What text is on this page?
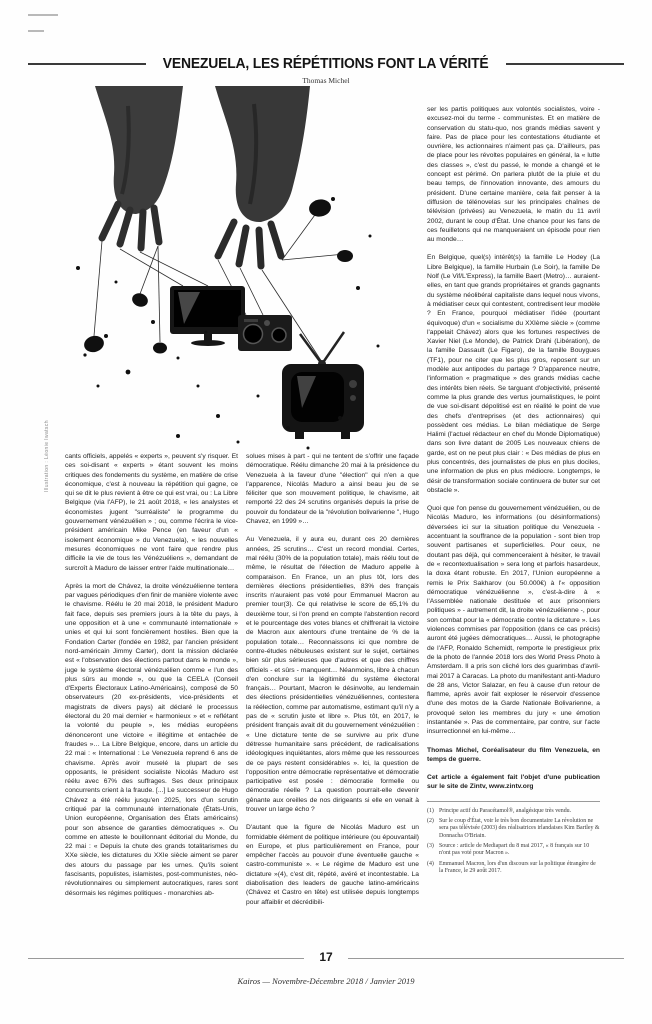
VENEZUELA, LES RÉPÉTITIONS FONT LA VÉRITÉ
Thomas Michel
Illustration : Léonie Iwatsch cants officiels, appelés « experts », peuvent s'y risquer. Et ces soi-disant « experts » étant souvent les moins critiques des fondements du système, en matière de crise économique, c'est à nouveau la répétition qui gagne, ce qui se dit le plus revient à être ce qui est vrai, ou : La Libre Belgique (via l'AFP), le 21 août 2018, « les analystes et économistes jugent "surréaliste" le programme du gouvernement vénézuélien » ; ou, comme l'écrira le vice-président américain Mike Pence (en faveur d'un « isolement économique » du Venezuela), « les nouvelles mesures économiques ne vont faire que rendre plus difficile la vie de tous les Vénézuéliens », demandant de surcroît à Maduro de laisser entrer l'aide multinationale…

Après la mort de Chávez, la droite vénézuélienne tentera par vagues périodiques d'en finir de manière violente avec le chavisme. Réélu le 20 mai 2018, le président Maduro fait face, depuis ses premiers jours à la tête du pays, à une opposition et à une « communauté internationale » unies et qui lui sont foncièrement hostiles. Bien que la Fondation Carter (fondée en 1982, par l'ancien président nord-américain Jimmy Carter), dont la mission déclarée est « l'observation des élections partout dans le monde », juge le système électoral vénézuélien comme « l'un des plus sûrs au monde », ou que la CEELA (Conseil d'Experts Électoraux Latino-Américains), composé de 50 observateurs (20 ex-présidents, vice-présidents et magistrats de divers pays) ait déclaré le processus électoral du 20 mai dernier « harmonieux » et « reflétant la volonté du peuple », les médias européens dénonceront une victoire « illégitime et entachée de fraudes »… La Libre Belgique, encore, dans un article du 22 mai : « International : Le Venezuela reprend 6 ans de chavisme. Après avoir muselé la plupart de ses opposants, le président socialiste Nicolás Maduro est réélu avec 67% des suffrages. Ses deux principaux concurrents crient à la fraude. [...] Le successeur de Hugo Chávez a été réélu jusqu'en 2025, lors d'un scrutin critiqué par la communauté internationale (États-Unis, Union européenne, Organisation des États américains) pour son absence de garanties démocratiques ». Ou comme en atteste le bouillonnant éditorial du Monde, du 22 mai : « Depuis la chute des grands totalitarismes du XXe siècle, les dictatures du XXIe siècle aiment se parer des atours du passage par les urnes. Qu'ils soient fascisants, populistes, islamistes, post-communistes, néo-révolutionnaires ou simplement autocratiques, rares sont désormais les régimes politiques - monarchies ab-

solues mises à part - qui ne tentent de s'offrir une façade démocratique. Réélu dimanche 20 mai à la présidence du Venezuela à la faveur d'une "élection" qui n'en a que l'apparence, Nicolás Maduro a ainsi beau jeu de se féliciter que son mouvement politique, le chavisme, ait remporté 22 des 24 scrutins organisés depuis la prise de pouvoir du fondateur de la "révolution bolivarienne ", Hugo Chavez, en 1999 »…

Au Venezuela, il y aura eu, durant ces 20 dernières années, 25 scrutins… C'est un record mondial. Certes, mal réélu (30% de la population totale), mais réélu tout de même, le résultat de l'élection de Maduro appelle à comparaison. En France, un an plus tôt, lors des dernières élections présidentielles, 83% des français inscrits n'auraient pas voté pour Emmanuel Macron au premier tour(3). Ce qui relativise le score de 65,1% du deuxième tour, si l'on prend en compte l'abstention record et le pourcentage des votes blancs et chiffrerait la victoire de Macron aux alentours d'une trentaine de % de la population totale… Reconnaissons ici que nombre de contre-études nébuleuses existent sur le sujet, certaines bien sûr plus sérieuses que d'autres et que des chiffres officiels - et sûrs - manquent… Néanmoins, libre à chacun d'en conclure sur la légitimité du système électoral français… Pourtant, Macron le désinvolte, au lendemain des élections présidentielles vénézuéliennes, contestera la réélection, comme par automatisme, estimant qu'il n'y a pas de « scrutin juste et libre ». Plus tôt, en 2017, le président français avait dit du gouvernement vénézuélien : « Une dictature tente de se survivre au prix d'une détresse humanitaire sans précédent, de radicalisations idéologiques inquiétantes, alors même que les ressources de ce pays restent considérables ». Ici, la question de l'opposition entre démocratie représentative et démocratie participative est posée : démocratie formelle ou démocratie réelle ? La question pourrait-elle devenir gênante aux oreilles de nos dirigeants si elle en venait à trouver un large écho ?

D'autant que la figure de Nicolás Maduro est un formidable élément de politique intérieure (ou épouvantail) en Europe, et plus particulièrement en France, pour empêcher l'accès au pouvoir d'une éventuelle gauche « castro-communiste ». « Le régime de Maduro est une dictature »(4), c'est dit, répété, avéré et incontestable. La diabolisation des leaders de gauche latino-américains (Chávez et Castro en tête) est utilisée depuis longtemps pour affaiblir et décrédibili-

ser les partis politiques aux volontés socialistes, voire - excusez-moi du terme - communistes. Et en matière de conservation du statu-quo, nos grands médias savent y faire. Pas de place pour les contestations étudiante et ouvrière, les actionnaires n'aiment pas ça. D'ailleurs, pas de place pour les révoltes populaires en général, la « lutte des classes », c'est du passé, le monde a changé et le concept est périmé. On parlera plutôt de la pluie et du beau temps, de l'innovation innovante, des amours du président. D'une certaine manière, cela fait penser à la diffusion de télénovelas sur les principales chaînes de télévision (privées) au Venezuela, le matin du 11 avril 2002, durant le coup d'État. Une chance pour les fans de ces feuilletons qui ne manqueraient un épisode pour rien au monde…

En Belgique, quel(s) intérêt(s) la famille Le Hodey (La Libre Belgique), la famille Hurbain (Le Soir), la famille De Nolf (Le Vif/L'Express), la famille Baert (Metro)… auraient-elles, en tant que grands propriétaires et grands gagnants du système néolibéral capitaliste dans lequel nous vivons, à médiatiser ceux qui contestent, contredisent leur modèle ? En France, pourquoi médiatiser l'idée (pourtant équivoque) d'un « socialisme du XXIème siècle » (comme l'appelait Chávez) alors que les fortunes respectives de Xavier Niel (Le Monde), de Patrick Drahi (Libération), de la famille Dassault (Le Figaro), de la famille Bouygues (TF1), pour ne citer que les plus gros, reposent sur un modèle aux antipodes du partage ? D'apparence neutre, l'information « pragmatique » des grands médias cache des intérêts bien réels. Se targuant d'objectivité, présenté comme la plus grande des vertus journalistiques, le point de vue soi-disant dépolitisé est en réalité le point de vue des chefs d'entreprises (et des actionnaires) qui possèdent ces médias. Le bilan médiatique de Serge Halimi (l'actuel rédacteur en chef du Monde Diplomatique) dans son livre datant de 2005 Les nouveaux chiens de garde, est on ne peut plus clair : « Des médias de plus en plus concentrés, des journalistes de plus en plus dociles, une information de plus en plus médiocre. Longtemps, le désir de transformation sociale continuera de buter sur cet obstacle ».

Quoi que l'on pense du gouvernement vénézuélien, ou de Nicolás Maduro, les informations (ou désinformations) déversées ici sur la situation politique du Venezuela - accentuant la souffrance de la population - sont bien trop souvent partisanes et superficielles. Pour ceux, ne doutant pas déjà, qui commenceraient à hésiter, le travail de « recontextualisation » sera long et parfois hasardeux, la doxa étant robuste. En 2017, l'Union européenne a remis le Prix Sakharov (ou 50.000€) à l'« opposition démocratique vénézuélienne », c'est-à-dire à « l'Assemblée nationale destituée et aux prisonniers politiques » - autrement dit, la droite vénézuélienne -, pour son combat pour la « démocratie contre la dictature ». Les violences commises par l'opposition (dans ce cas précis) auront été jugées démocratiques… Aussi, le photographe de l'AFP, Ronaldo Schemidt, remporte le prestigieux prix de la photo de l'année 2018 lors des World Press Photo à Amsterdam. Il a pris son cliché lors des guarimbas d'avril-mai 2017 à Caracas. La photo du manifestant anti-Maduro de 28 ans, Victor Salazar, en feu à cause d'un retour de flamme, après avoir fait exploser le réservoir d'essence d'une des motos de la Garde Nationale Bolivarienne, a provoqué selon les membres du jury « une émotion instantanée ». Pas de commentaire, par contre, sur l'acte insurrectionnel en lui-même…

Thomas Michel, Coréalisateur du film Venezuela, en temps de guerre.

Cet article a également fait l'objet d'une publication sur le site de Zintv, www.zintv.org

(1) Principe actif du Paracétamol®, analgésique très vendu.
(2) Sur le coup d'État, voir le très bon documentaire La révolution ne sera pas télévisée (2003) des réalisatrices irlandaises Kim Bartley & Donnacha O'Briain.
(3) Source : article de Mediapart du 8 mai 2017, « 8 français sur 10 n'ont pas voté pour Macron ».
(4) Emmanuel Macron, lors d'un discours sur la politique étrangère de la France, le 29 août 2017.
17
Kairos — Novembre-Décembre 2018 / Janvier 2019
